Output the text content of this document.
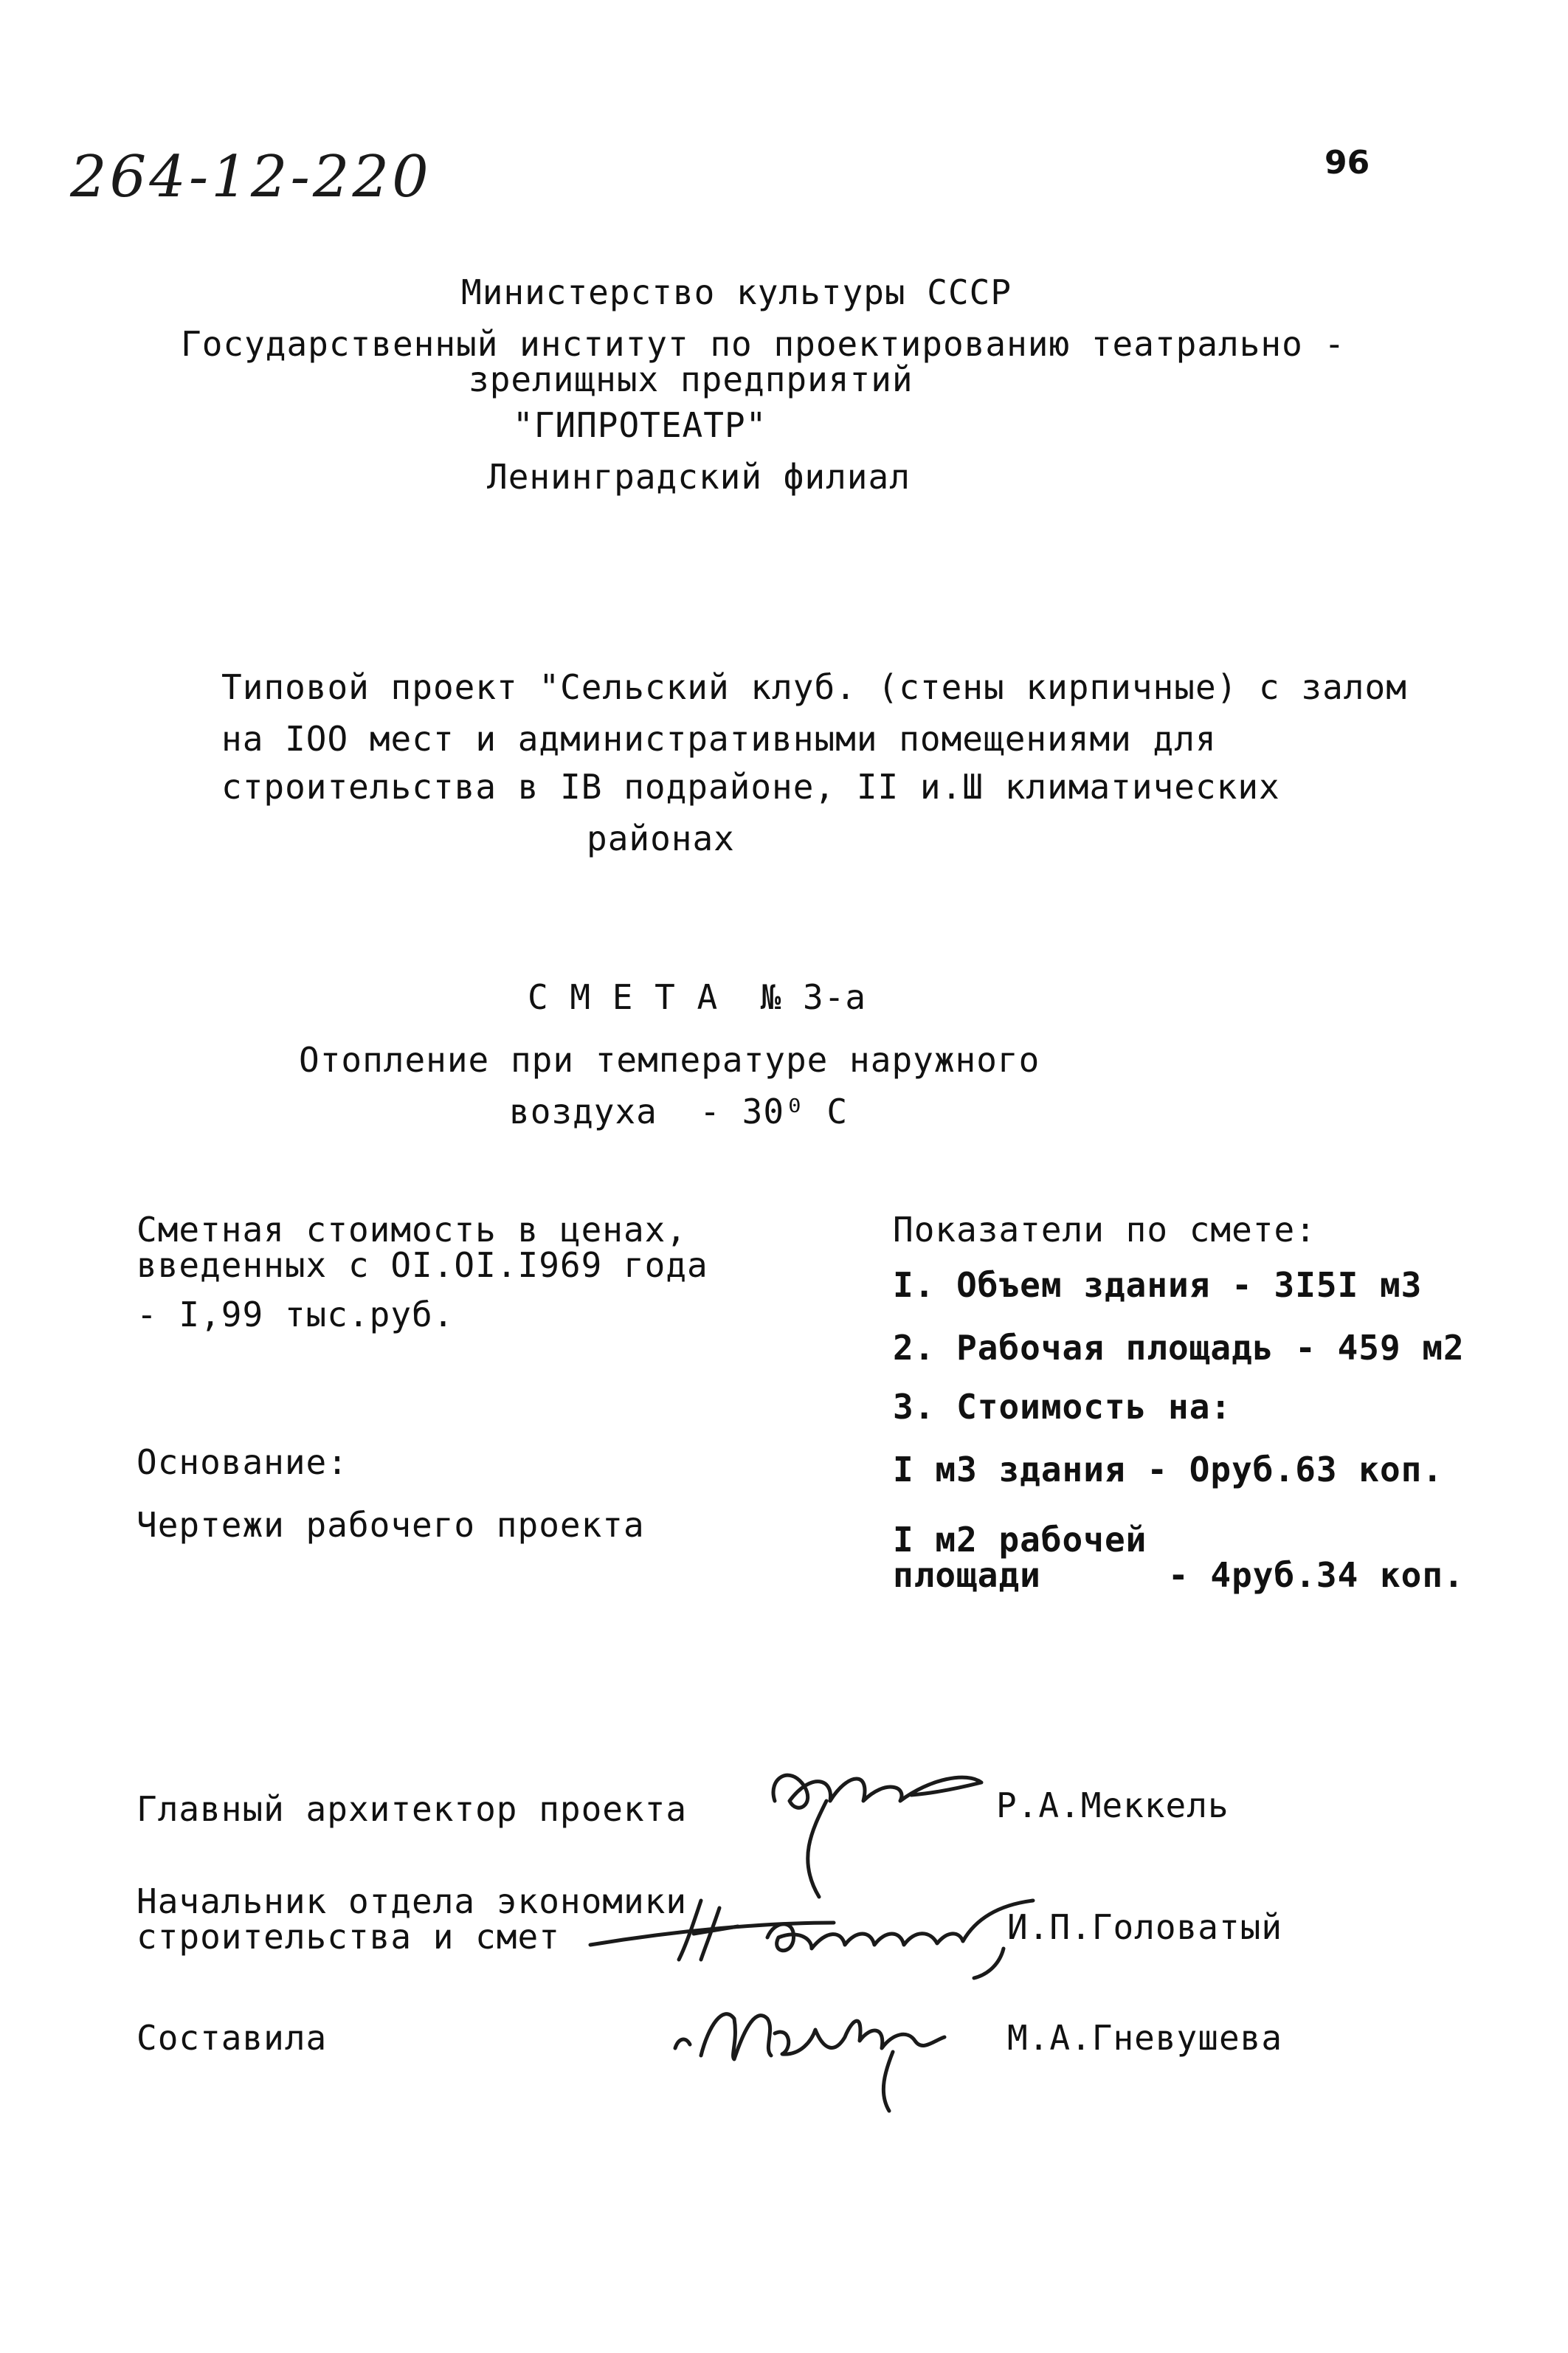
264-12-220	96
Министерство культуры СССР
Государственный институт по проектированию театрально -
зрелищных предприятий
"ГИПРОТЕАТР"
Ленинградский филиал
Типовой проект "Сельский клуб. (стены кирпичные) с залом
на IOO мест и административными помещениями для
строительства в IВ подрайоне, II и.Ш климатических
районах
С М Е Т А  № 3-а
Отопление при температуре наружного
воздуха  - 30⁰ С
Сметная стоимость в ценах,
введенных с OI.OI.I969 года
- I,99 тыс.руб.
Основание:
Чертежи рабочего проекта
Показатели по смете:
I. Объем здания - 3I5I м3
2. Рабочая площадь - 459 м2
3. Стоимость на:
I м3 здания - Оруб.63 коп.
I м2 рабочей
площади      - 4руб.34 коп.
Главный архитектор проекта	Р.А.Меккель
Начальник отдела экономики
строительства и смет	И.П.Головатый
Составила	М.А.Гневушева
